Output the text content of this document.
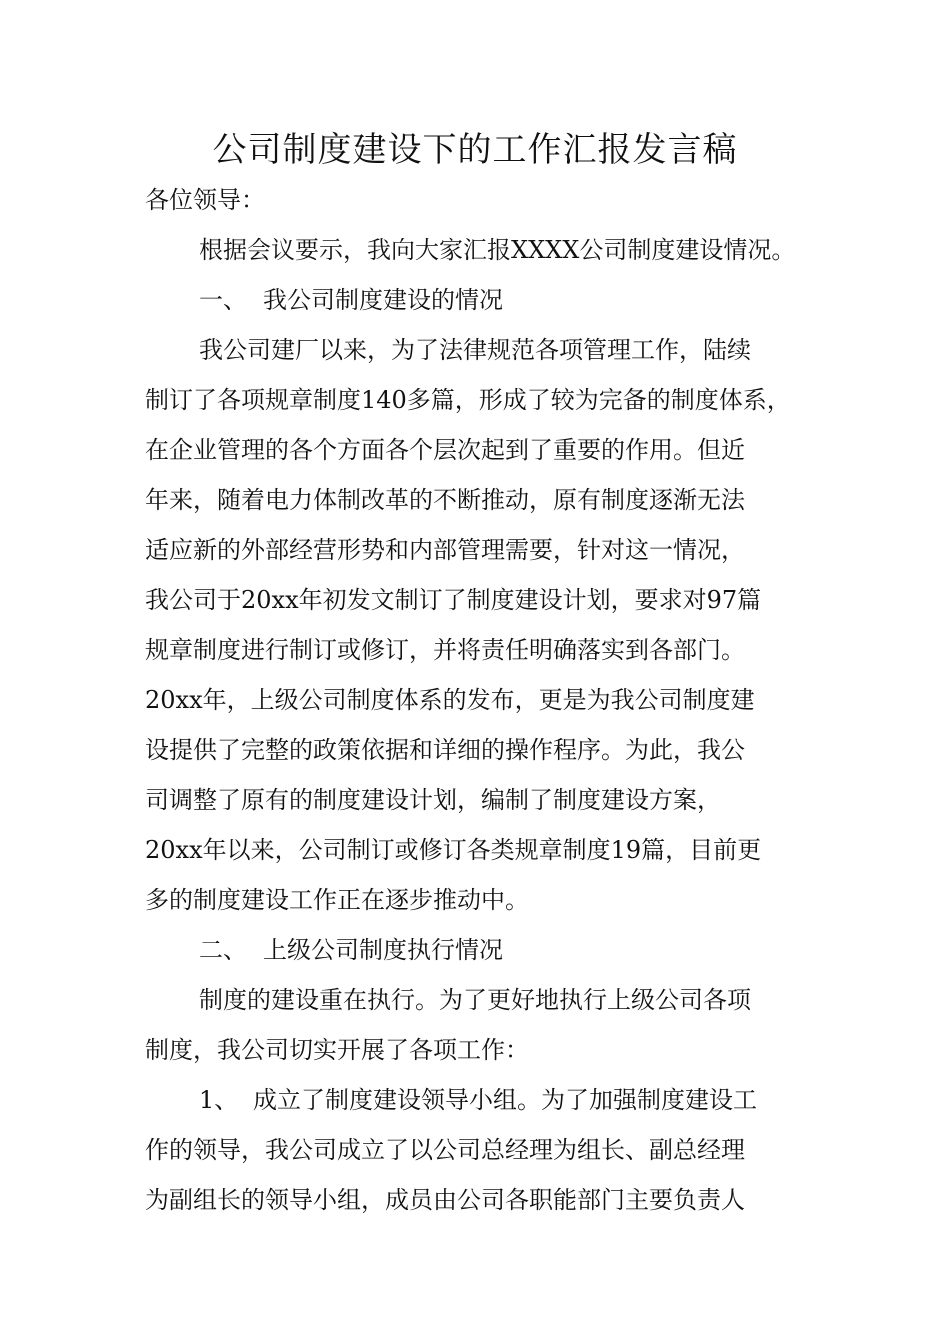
公司制度建设下的工作汇报发言稿

各位领导：

根据会议要示，我向大家汇报XXXX公司制度建设情况。

一、 我公司制度建设的情况

我公司建厂以来，为了法律规范各项管理工作，陆续

制订了各项规章制度140多篇，形成了较为完备的制度体系，

在企业管理的各个方面各个层次起到了重要的作用。但近

年来，随着电力体制改革的不断推动，原有制度逐渐无法

适应新的外部经营形势和内部管理需要，针对这一情况，

我公司于20xx年初发文制订了制度建设计划，要求对97篇

规章制度进行制订或修订，并将责任明确落实到各部门。

20xx年，上级公司制度体系的发布，更是为我公司制度建

设提供了完整的政策依据和详细的操作程序。为此，我公

司调整了原有的制度建设计划，编制了制度建设方案，

20xx年以来，公司制订或修订各类规章制度19篇，目前更

多的制度建设工作正在逐步推动中。

二、 上级公司制度执行情况

制度的建设重在执行。为了更好地执行上级公司各项

制度，我公司切实开展了各项工作：

1、 成立了制度建设领导小组。为了加强制度建设工

作的领导，我公司成立了以公司总经理为组长、副总经理

为副组长的领导小组，成员由公司各职能部门主要负责人
